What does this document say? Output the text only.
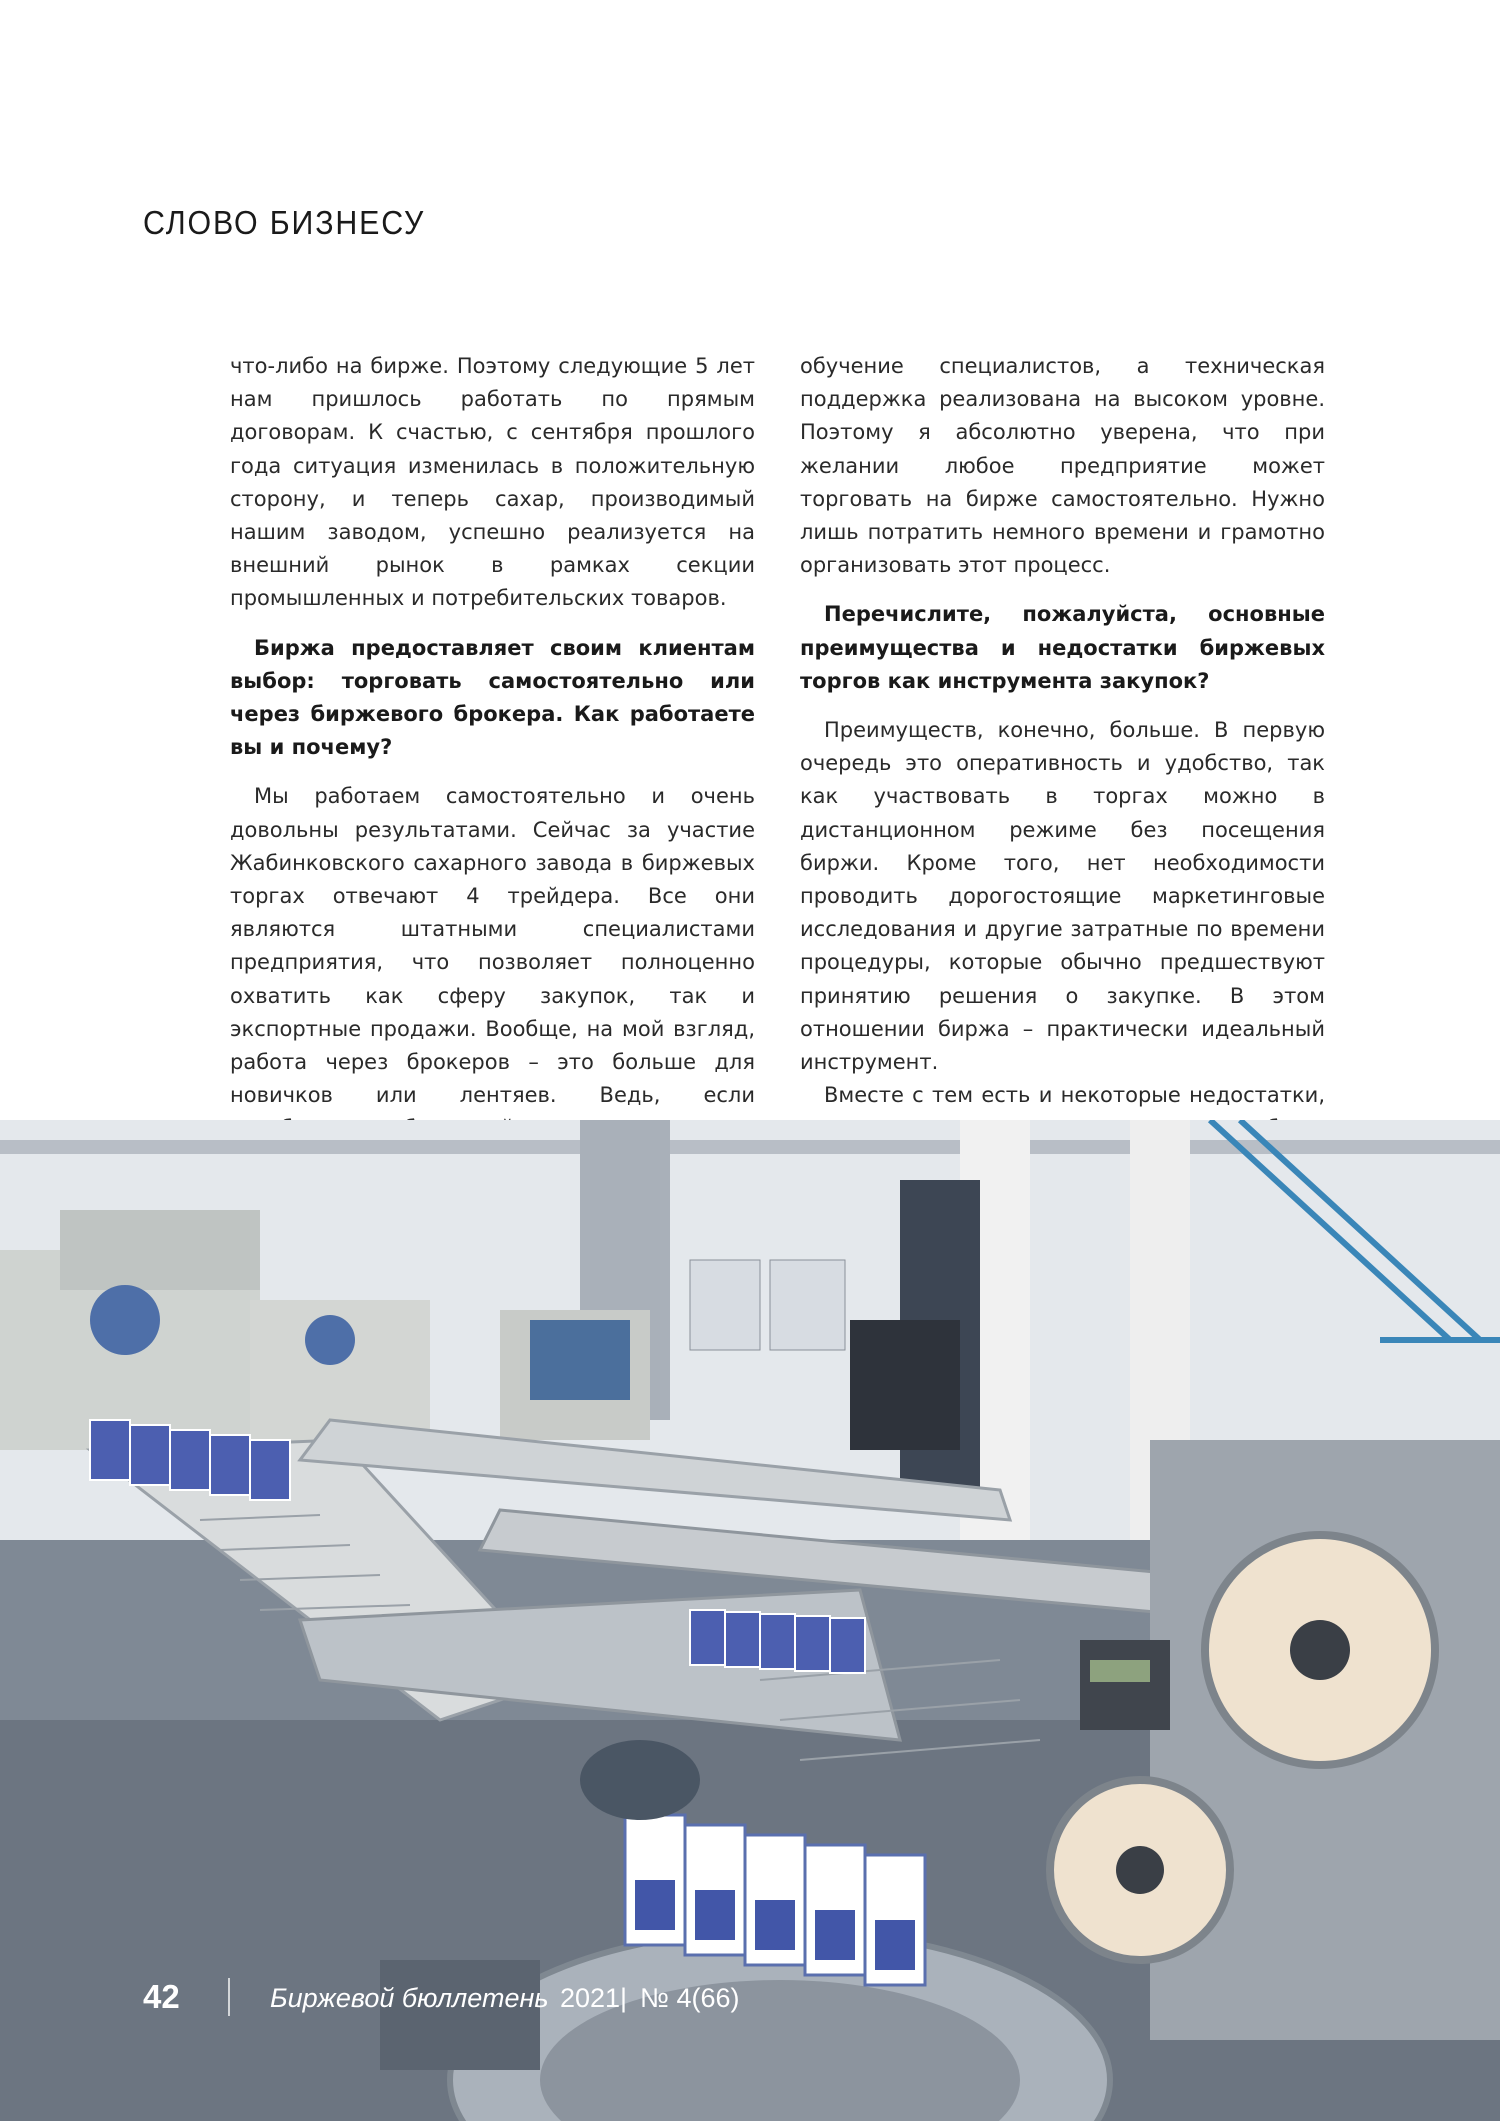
СЛОВО БИЗНЕСУ

что-либо на бирже. Поэтому следующие 5 лет нам пришлось работать по прямым договорам. К счастью, с сентября прошлого года ситуация изменилась в положительную сторону, и теперь сахар, производимый нашим заводом, успешно реализуется на внешний рынок в рамках секции промышленных и потребительских товаров.

Биржа предоставляет своим клиентам выбор: торговать самостоятельно или через биржевого брокера. Как работаете вы и почему?

Мы работаем самостоятельно и очень довольны результатами. Сейчас за участие Жабинковского сахарного завода в биржевых торгах отвечают 4 трейдера. Все они являются штатными специалистами предприятия, что позволяет полноценно охватить как сферу закупок, так и экспортные продажи. Вообще, на мой взгляд, работа через брокеров – это больше для новичков или лентяев. Ведь, если

обучение специалистов, а техническая поддержка реализована на высоком уровне. Поэтому я абсолютно уверена, что при желании любое предприятие может торговать на бирже самостоятельно. Нужно лишь потратить немного времени и грамотно организовать этот процесс.

Перечислите, пожалуйста, основные преимущества и недостатки биржевых торгов как инструмента закупок?

Преимуществ, конечно, больше. В первую очередь это оперативность и удобство, так как участвовать в торгах можно в дистанционном режиме без посещения биржи. Кроме того, нет необходимости проводить дорогостоящие маркетинговые исследования и другие затратные по времени процедуры, которые обычно предшествуют принятию решения о закупке. В этом отношении биржа – практически идеальный инструмент.

Вместе с тем есть и некоторые недостатки,

42	Биржевой бюллетень 2021 | № 4(66)
